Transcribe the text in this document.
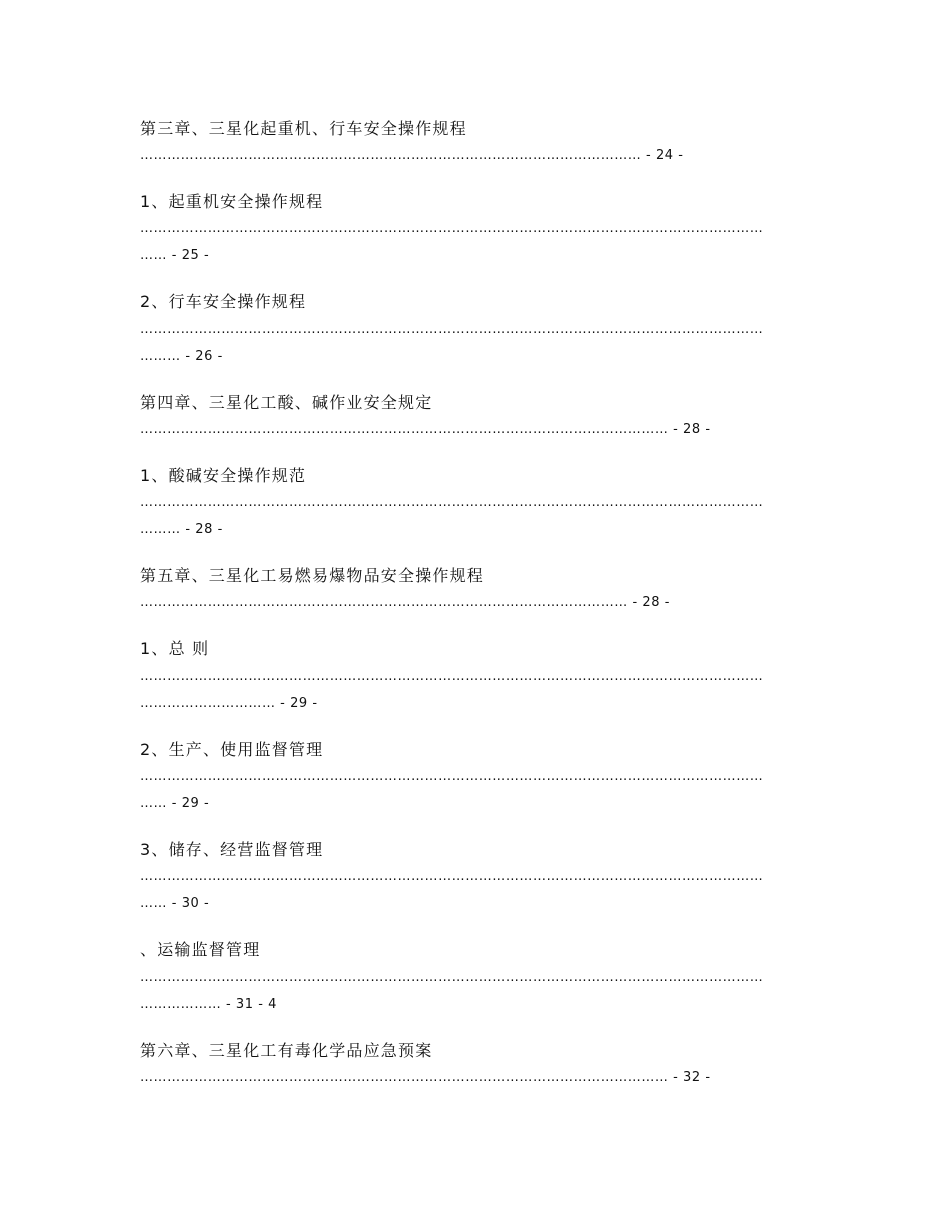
第三章、三星化起重机、行车安全操作规程
………………………………………………………………………………………………… - 24 -
1、起重机安全操作规程
…………………………………………………………………………………………………………………………
…… - 25 -
2、行车安全操作规程
…………………………………………………………………………………………………………………………
……… - 26 -
第四章、三星化工酸、碱作业安全规定
……………………………………………………………………………………………………… - 28 -
1、酸碱安全操作规范
…………………………………………………………………………………………………………………………
……… - 28 -
第五章、三星化工易燃易爆物品安全操作规程
……………………………………………………………………………………………… - 28 -
1、总 则
…………………………………………………………………………………………………………………………
………………………… - 29 -
2、生产、使用监督管理
…………………………………………………………………………………………………………………………
…… - 29 -
3、储存、经营监督管理
…………………………………………………………………………………………………………………………
…… - 30 -
、运输监督管理
…………………………………………………………………………………………………………………………
……………… - 31 - 4
第六章、三星化工有毒化学品应急预案
……………………………………………………………………………………………………… - 32 -
